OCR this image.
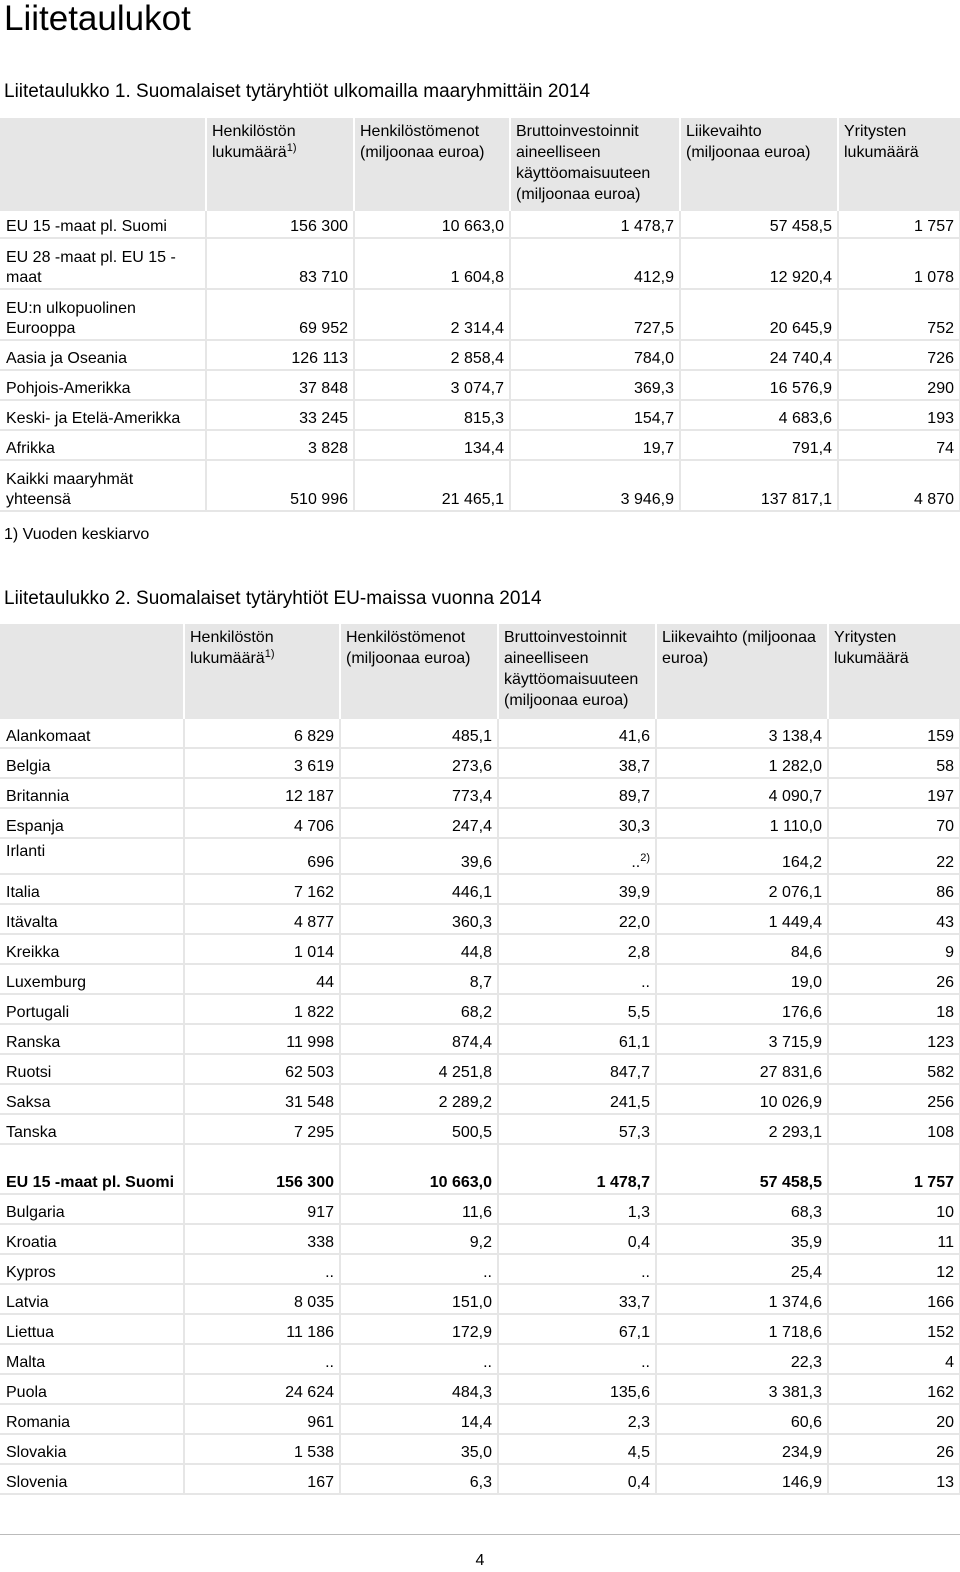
Liitetaulukot
Liitetaulukko 1. Suomalaiset tytäryhtiöt ulkomailla maaryhmittäin 2014
	Henkilöstön lukumäärä$^{1)}$	Henkilöstömenot (miljoonaa euroa)	Bruttoinvestoinnit aineelliseen käyttöomaisuuteen (miljoonaa euroa)	Liikevaihto (miljoonaa euroa)	Yritysten lukumäärä
EU 15 -maat pl. Suomi	156 300	10 663,0	1 478,7	57 458,5	1 757
EU 28 -maat pl. EU 15 -maat	83 710	1 604,8	412,9	12 920,4	1 078
EU:n ulkopuolinen Eurooppa	69 952	2 314,4	727,5	20 645,9	752
Aasia ja Oseania	126 113	2 858,4	784,0	24 740,4	726
Pohjois-Amerikka	37 848	3 074,7	369,3	16 576,9	290
Keski- ja Etelä-Amerikka	33 245	815,3	154,7	4 683,6	193
Afrikka	3 828	134,4	19,7	791,4	74
Kaikki maaryhmät yhteensä	510 996	21 465,1	3 946,9	137 817,1	4 870
1) Vuoden keskiarvo
Liitetaulukko 2. Suomalaiset tytäryhtiöt EU-maissa vuonna 2014
	Henkilöstön lukumäärä$^{1)}$	Henkilöstömenot (miljoonaa euroa)	Bruttoinvestoinnit aineelliseen käyttöomaisuuteen (miljoonaa euroa)	Liikevaihto (miljoonaa euroa)	Yritysten lukumäärä
Alankomaat	6 829	485,1	41,6	3 138,4	159
Belgia	3 619	273,6	38,7	1 282,0	58
Britannia	12 187	773,4	89,7	4 090,7	197
Espanja	4 706	247,4	30,3	1 110,0	70
Irlanti	696	39,6	..$^{2)}$	164,2	22
Italia	7 162	446,1	39,9	2 076,1	86
Itävalta	4 877	360,3	22,0	1 449,4	43
Kreikka	1 014	44,8	2,8	84,6	9
Luxemburg	44	8,7	..	19,0	26
Portugali	1 822	68,2	5,5	176,6	18
Ranska	11 998	874,4	61,1	3 715,9	123
Ruotsi	62 503	4 251,8	847,7	27 831,6	582
Saksa	31 548	2 289,2	241,5	10 026,9	256
Tanska	7 295	500,5	57,3	2 293,1	108
EU 15 -maat pl. Suomi	156 300	10 663,0	1 478,7	57 458,5	1 757
Bulgaria	917	11,6	1,3	68,3	10
Kroatia	338	9,2	0,4	35,9	11
Kypros	..	..	..	25,4	12
Latvia	8 035	151,0	33,7	1 374,6	166
Liettua	11 186	172,9	67,1	1 718,6	152
Malta	..	..	..	22,3	4
Puola	24 624	484,3	135,6	3 381,3	162
Romania	961	14,4	2,3	60,6	20
Slovakia	1 538	35,0	4,5	234,9	26
Slovenia	167	6,3	0,4	146,9	13
4
